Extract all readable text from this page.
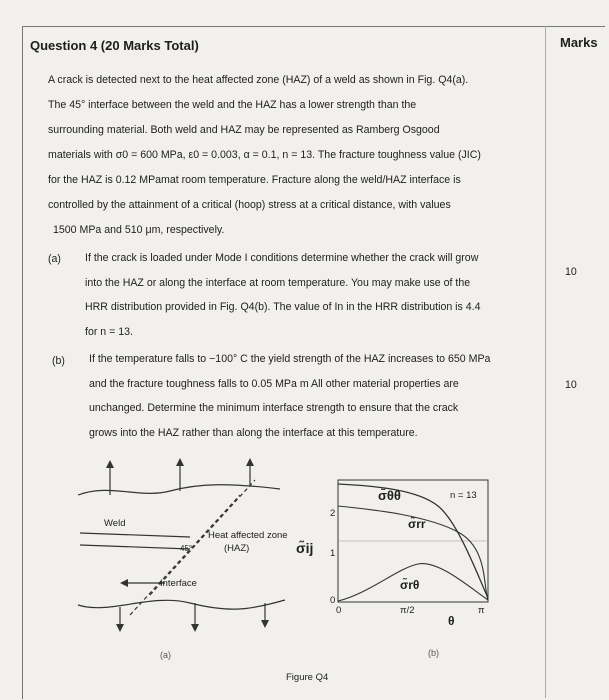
Question 4 (20 Marks Total)	Marks

A crack is detected next to the heat affected zone (HAZ) of a weld as shown in Fig. Q4(a).

The 45° interface between the weld and the HAZ has a lower strength than the

surrounding material. Both weld and HAZ may be represented as Ramberg Osgood

materials with σ0 = 600 MPa, ε0 = 0.003, α = 0.1, n = 13. The fracture toughness value (JIC)

for the HAZ is 0.12 MPamat room temperature. Fracture along the weld/HAZ interface is

controlled by the attainment of a critical (hoop) stress at a critical distance, with values

1500 MPa and 510 μm, respectively.

(a) If the crack is loaded under Mode I conditions determine whether the crack will grow
into the HAZ or along the interface at room temperature. You may make use of the
HRR distribution provided in Fig. Q4(b). The value of In in the HRR distribution is 4.4
for n = 13.
10
(b) If the temperature falls to −100° C the yield strength of the HAZ increases to 650 MPa
and the fracture toughness falls to 0.05 MPa m All other material properties are
unchanged. Determine the minimum interface strength to ensure that the crack
grows into the HAZ rather than along the interface at this temperature.
10
Weld
Heat affected zone
(HAZ)
45°
Interface
(a)
σ̃ij
2
1
0
0	π/2	π
θ
n = 13
σ̃θθ
σ̃rr
σ̃rθ
(b)
Figure Q4
